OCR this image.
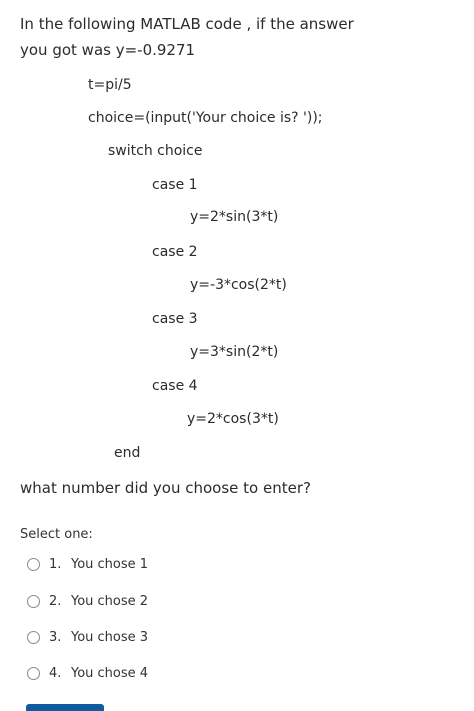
In the following MATLAB code , if the answer
you got was y=-0.9271
t=pi/5
choice=(input('Your choice is? '));
switch choice
case 1
y=2*sin(3*t)
case 2
y=-3*cos(2*t)
case 3
y=3*sin(2*t)
case 4
y=2*cos(3*t)
end
what number did you choose to enter?
Select one:
1. You chose 1
2. You chose 2
3. You chose 3
4. You chose 4
